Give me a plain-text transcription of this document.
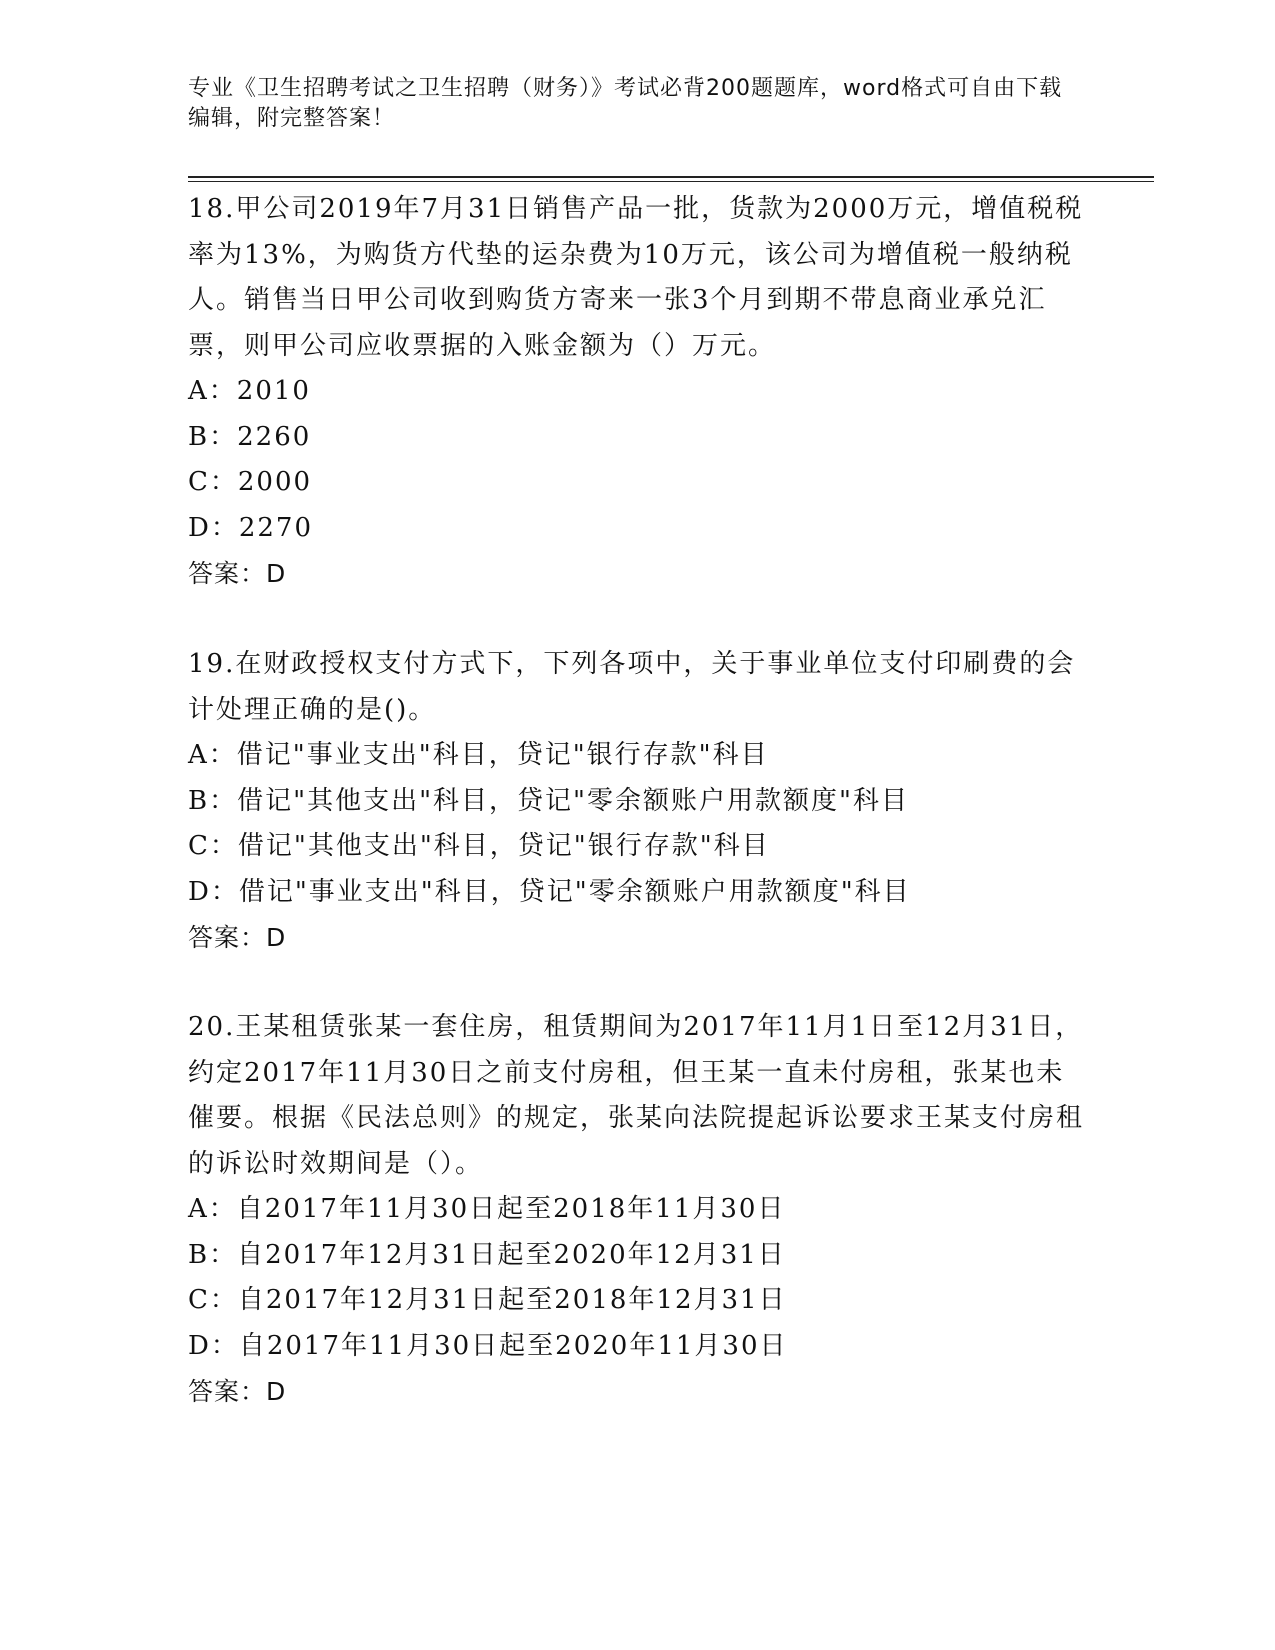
专业《卫生招聘考试之卫生招聘（财务）》考试必背200题题库，word格式可自由下载编辑，附完整答案！

18.甲公司2019年7月31日销售产品一批，货款为2000万元，增值税税率为13%，为购货方代垫的运杂费为10万元，该公司为增值税一般纳税人。销售当日甲公司收到购货方寄来一张3个月到期不带息商业承兑汇票，则甲公司应收票据的入账金额为（）万元。

A：2010

B：2260

C：2000

D：2270

答案：D

19.在财政授权支付方式下，下列各项中，关于事业单位支付印刷费的会计处理正确的是()。

A：借记"事业支出"科目，贷记"银行存款"科目

B：借记"其他支出"科目，贷记"零余额账户用款额度"科目

C：借记"其他支出"科目，贷记"银行存款"科目

D：借记"事业支出"科目，贷记"零余额账户用款额度"科目

答案：D

20.王某租赁张某一套住房，租赁期间为2017年11月1日至12月31日，约定2017年11月30日之前支付房租，但王某一直未付房租，张某也未催要。根据《民法总则》的规定，张某向法院提起诉讼要求王某支付房租的诉讼时效期间是（）。

A：自2017年11月30日起至2018年11月30日

B：自2017年12月31日起至2020年12月31日

C：自2017年12月31日起至2018年12月31日

D：自2017年11月30日起至2020年11月30日

答案：D
